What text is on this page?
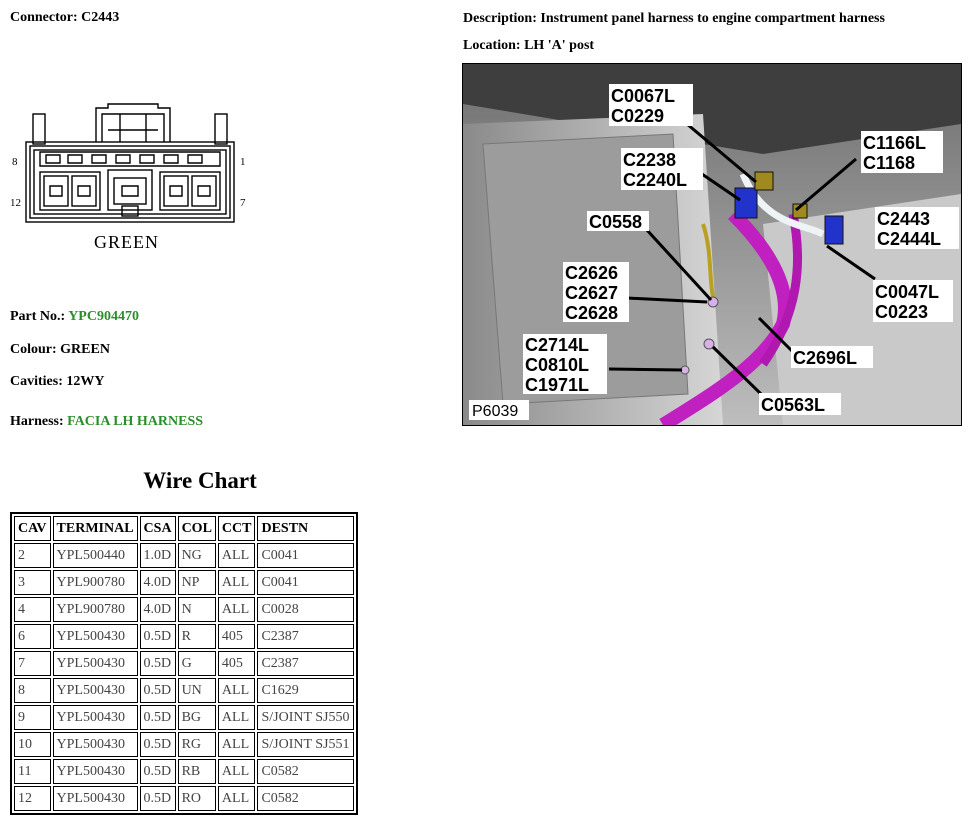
Connector: C2443	Description: Instrument panel harness to engine compartment harness
Location: LH 'A' post
8	1
12	7
GREEN
Part No.: YPC904470
Colour: GREEN
Cavities: 12WY
Harness: FACIA LH HARNESS
Wire Chart
CAV	TERMINAL	CSA	COL	CCT	DESTN
2	YPL500440	1.0D	NG	ALL	C0041
3	YPL900780	4.0D	NP	ALL	C0041
4	YPL900780	4.0D	N	ALL	C0028
6	YPL500430	0.5D	R	405	C2387
7	YPL500430	0.5D	G	405	C2387
8	YPL500430	0.5D	UN	ALL	C1629
9	YPL500430	0.5D	BG	ALL	S/JOINT SJ550
10	YPL500430	0.5D	RG	ALL	S/JOINT SJ551
11	YPL500430	0.5D	RB	ALL	C0582
12	YPL500430	0.5D	RO	ALL	C0582
C0067L
C0229
C2238
C2240L
C0558
C2626
C2627
C2628
C2714L
C0810L
C1971L
C1166L
C1168
C2443
C2444L
C0047L
C0223
C2696L
C0563L
P6039
